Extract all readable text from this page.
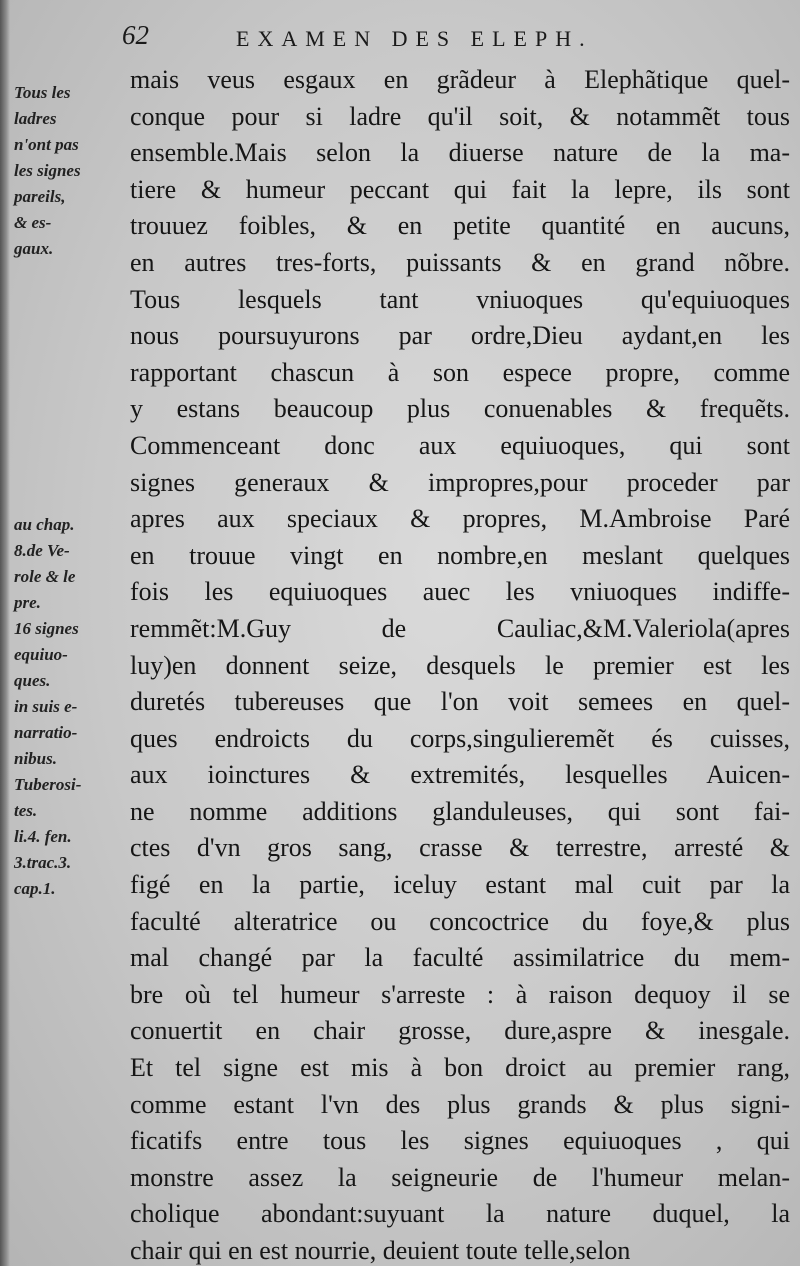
62	EXAMEN DES ELEPH.
Tous les
ladres
n'ont pas
les signes
pareils,
& es-
gaux.
au chap.
8.de Ve-
role & le
pre.
16 signes
equiuo-
ques.
in suis e-
narratio-
nibus.
Tuberosi-
tes.
li.4. fen.
3.trac.3.
cap.1.
mais veus esgaux en grãdeur à Elephãtique quel-
conque pour si ladre qu'il soit, & notammẽt tous
ensemble.Mais selon la diuerse nature de la ma-
tiere & humeur peccant qui fait la lepre, ils sont
trouuez foibles, & en petite quantité en aucuns,
en autres tres-forts, puissants & en grand nõbre.
Tous lesquels tant vniuoques qu'equiuoques
nous poursuyurons par ordre,Dieu aydant,en les
rapportant chascun à son espece propre, comme
y estans beaucoup plus conuenables & frequẽts.
Commenceant donc aux equiuoques, qui sont
signes generaux & impropres,pour proceder par
apres aux speciaux & propres, M.Ambroise Paré
en trouue vingt en nombre,en meslant quelques
fois les equiuoques auec les vniuoques indiffe-
remmẽt:M.Guy de Cauliac,&M.Valeriola(apres
luy)en donnent seize, desquels le premier est les
duretés tubereuses que l'on voit semees en quel-
ques endroicts du corps,singulieremẽt és cuisses,
aux ioinctures & extremités, lesquelles Auicen-
ne nomme additions glanduleuses, qui sont fai-
ctes d'vn gros sang, crasse & terrestre, arresté &
figé en la partie, iceluy estant mal cuit par la
faculté alteratrice ou concoctrice du foye,& plus
mal changé par la faculté assimilatrice du mem-
bre où tel humeur s'arreste : à raison dequoy il se
conuertit en chair grosse, dure,aspre & inesgale.
Et tel signe est mis à bon droict au premier rang,
comme estant l'vn des plus grands & plus signi-
ficatifs entre tous les signes equiuoques , qui
monstre assez la seigneurie de l'humeur melan-
cholique abondant:suyuant la nature duquel, la
chair qui en est nourrie, deuient toute telle,selon
